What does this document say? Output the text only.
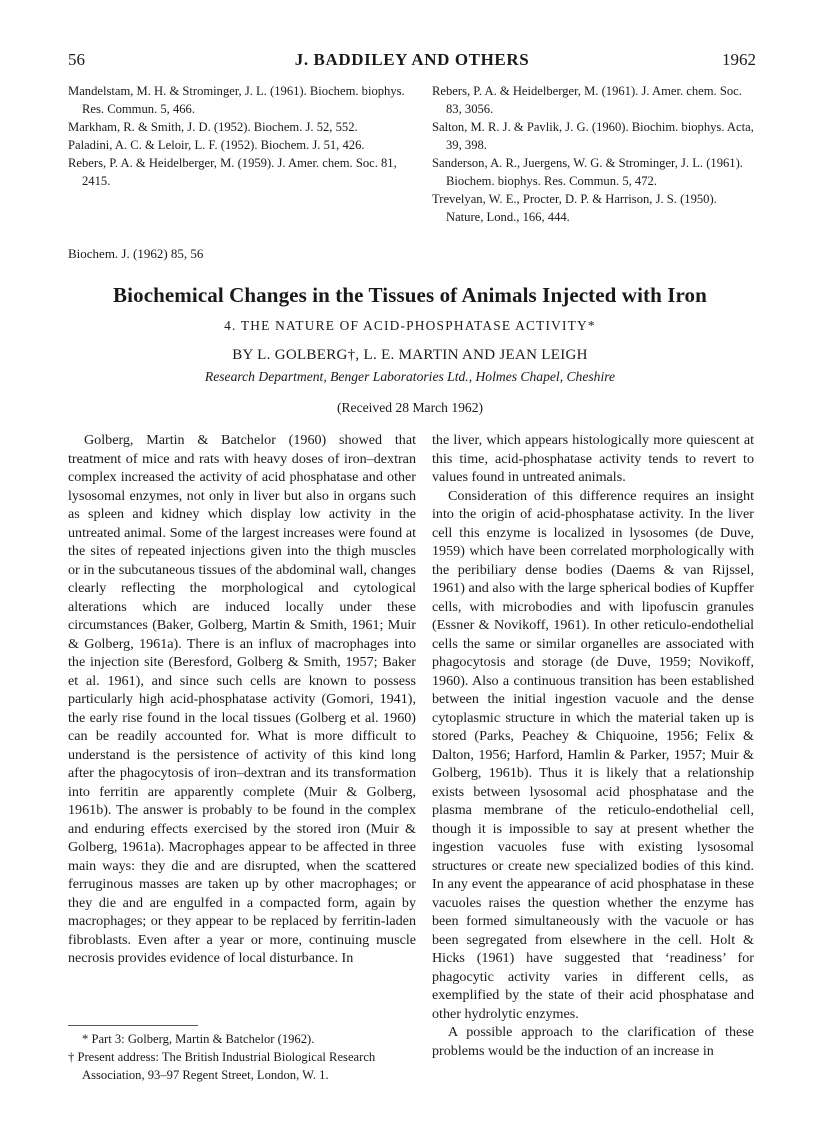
56	J. BADDILEY AND OTHERS	1962
Mandelstam, M. H. & Strominger, J. L. (1961). Biochem. biophys. Res. Commun. 5, 466.
Markham, R. & Smith, J. D. (1952). Biochem. J. 52, 552.
Paladini, A. C. & Leloir, L. F. (1952). Biochem. J. 51, 426.
Rebers, P. A. & Heidelberger, M. (1959). J. Amer. chem. Soc. 81, 2415.
Rebers, P. A. & Heidelberger, M. (1961). J. Amer. chem. Soc. 83, 3056.
Salton, M. R. J. & Pavlik, J. G. (1960). Biochim. biophys. Acta, 39, 398.
Sanderson, A. R., Juergens, W. G. & Strominger, J. L. (1961). Biochem. biophys. Res. Commun. 5, 472.
Trevelyan, W. E., Procter, D. P. & Harrison, J. S. (1950). Nature, Lond., 166, 444.
Biochem. J. (1962) 85, 56
Biochemical Changes in the Tissues of Animals Injected with Iron
4. THE NATURE OF ACID-PHOSPHATASE ACTIVITY*
BY L. GOLBERG†, L. E. MARTIN AND JEAN LEIGH
Research Department, Benger Laboratories Ltd., Holmes Chapel, Cheshire
(Received 28 March 1962)

Golberg, Martin & Batchelor (1960) showed that treatment of mice and rats with heavy doses of iron–dextran complex increased the activity of acid phosphatase and other lysosomal enzymes, not only in liver but also in organs such as spleen and kidney which display low activity in the untreated animal. Some of the largest increases were found at the sites of repeated injections given into the thigh muscles or in the subcutaneous tissues of the abdominal wall, changes clearly reflecting the morphological and cytological alterations which are induced locally under these circumstances (Baker, Golberg, Martin & Smith, 1961; Muir & Golberg, 1961a). There is an influx of macrophages into the injection site (Beresford, Golberg & Smith, 1957; Baker et al. 1961), and since such cells are known to possess particularly high acid-phosphatase activity (Gomori, 1941), the early rise found in the local tissues (Golberg et al. 1960) can be readily accounted for. What is more difficult to understand is the persistence of activity of this kind long after the phagocytosis of iron–dextran and its transformation into ferritin are apparently complete (Muir & Golberg, 1961b). The answer is probably to be found in the complex and enduring effects exercised by the stored iron (Muir & Golberg, 1961a). Macrophages appear to be affected in three main ways: they die and are disrupted, when the scattered ferruginous masses are taken up by other macrophages; or they die and are engulfed in a compacted form, again by macrophages; or they appear to be replaced by ferritin-laden fibroblasts. Even after a year or more, continuing muscle necrosis provides evidence of local disturbance. In

the liver, which appears histologically more quiescent at this time, acid-phosphatase activity tends to revert to values found in untreated animals.

Consideration of this difference requires an insight into the origin of acid-phosphatase activity. In the liver cell this enzyme is localized in lysosomes (de Duve, 1959) which have been correlated morphologically with the peribiliary dense bodies (Daems & van Rijssel, 1961) and also with the large spherical bodies of Kupffer cells, with microbodies and with lipofuscin granules (Essner & Novikoff, 1961). In other reticulo-endothelial cells the same or similar organelles are associated with phagocytosis and storage (de Duve, 1959; Novikoff, 1960). Also a continuous transition has been established between the initial ingestion vacuole and the dense cytoplasmic structure in which the material taken up is stored (Parks, Peachey & Chiquoine, 1956; Felix & Dalton, 1956; Harford, Hamlin & Parker, 1957; Muir & Golberg, 1961b). Thus it is likely that a relationship exists between lysosomal acid phosphatase and the plasma membrane of the reticulo-endothelial cell, though it is impossible to say at present whether the ingestion vacuoles fuse with existing lysosomal structures or create new specialized bodies of this kind. In any event the appearance of acid phosphatase in these vacuoles raises the question whether the enzyme has been formed simultaneously with the vacuole or has been segregated from elsewhere in the cell. Holt & Hicks (1961) have suggested that ‘readiness’ for phagocytic activity varies in different cells, as exemplified by the state of their acid phosphatase and other hydrolytic enzymes.

A possible approach to the clarification of these problems would be the induction of an increase in

* Part 3: Golberg, Martin & Batchelor (1962).
† Present address: The British Industrial Biological Research Association, 93–97 Regent Street, London, W. 1.
